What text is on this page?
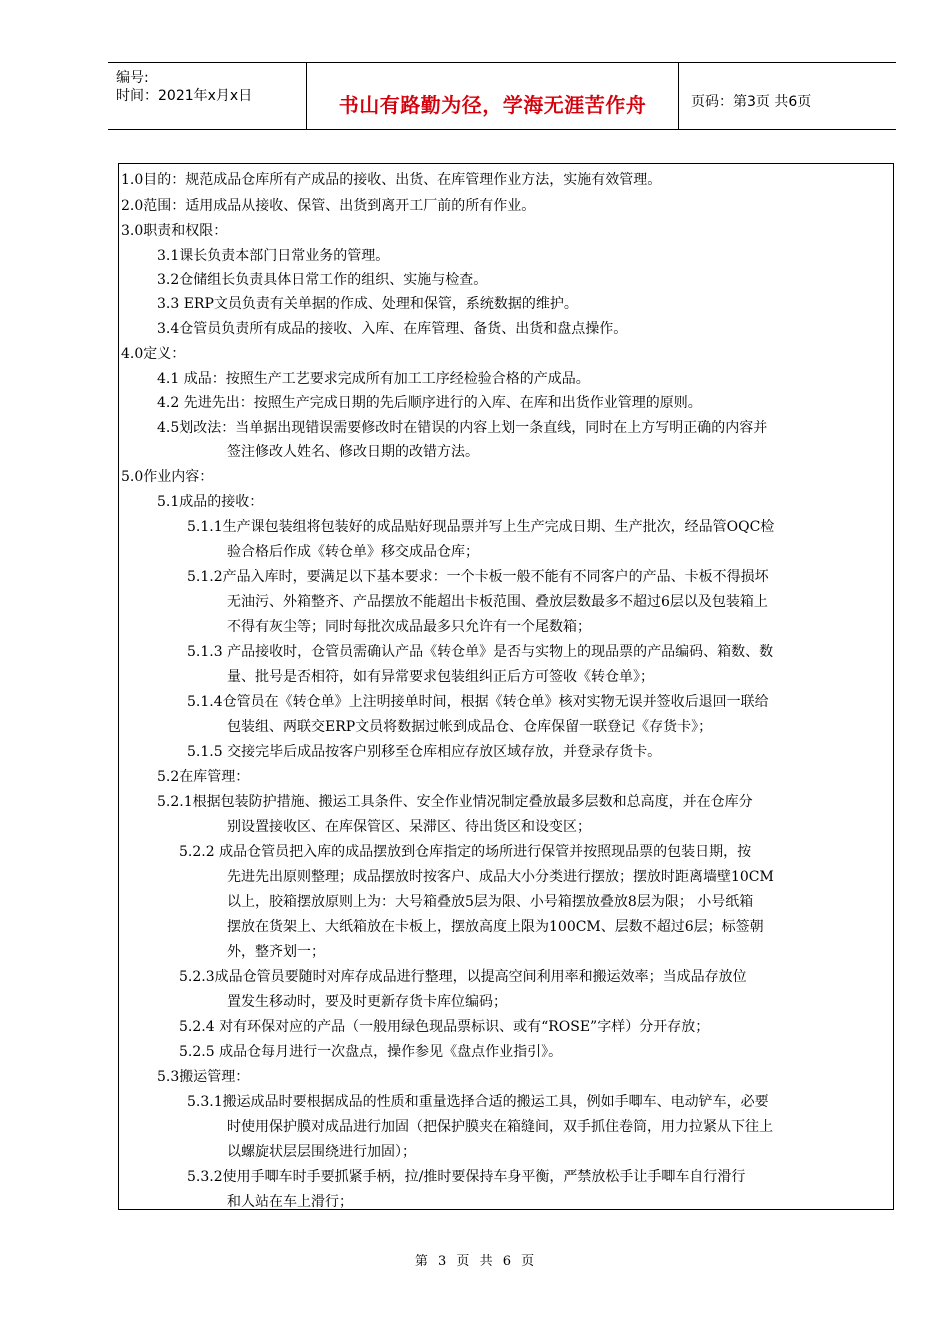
编号:
时间：2021年x月x日	书山有路勤为径，学海无涯苦作舟	页码：第3页 共6页
1.0目的：规范成品仓库所有产成品的接收、出货、在库管理作业方法，实施有效管理。
2.0范围：适用成品从接收、保管、出货到离开工厂前的所有作业。
3.0职责和权限：
3.1课长负责本部门日常业务的管理。
3.2仓储组长负责具体日常工作的组织、实施与检查。
3.3 ERP文员负责有关单据的作成、处理和保管，系统数据的维护。
3.4仓管员负责所有成品的接收、入库、在库管理、备货、出货和盘点操作。
4.0定义：
4.1 成品：按照生产工艺要求完成所有加工工序经检验合格的产成品。
4.2 先进先出：按照生产完成日期的先后顺序进行的入库、在库和出货作业管理的原则。
4.5划改法：当单据出现错误需要修改时在错误的内容上划一条直线，同时在上方写明正确的内容并
签注修改人姓名、修改日期的改错方法。
5.0作业内容：
5.1成品的接收：
5.1.1生产课包装组将包装好的成品贴好现品票并写上生产完成日期、生产批次，经品管OQC检
验合格后作成《转仓单》移交成品仓库；
5.1.2产品入库时，要满足以下基本要求：一个卡板一般不能有不同客户的产品、卡板不得损坏
无油污、外箱整齐、产品摆放不能超出卡板范围、叠放层数最多不超过6层以及包装箱上
不得有灰尘等；同时每批次成品最多只允许有一个尾数箱；
5.1.3 产品接收时，仓管员需确认产品《转仓单》是否与实物上的现品票的产品编码、箱数、数
量、批号是否相符，如有异常要求包装组纠正后方可签收《转仓单》；
5.1.4仓管员在《转仓单》上注明接单时间，根据《转仓单》核对实物无误并签收后退回一联给
包装组、两联交ERP文员将数据过帐到成品仓、仓库保留一联登记《存货卡》；
5.1.5 交接完毕后成品按客户别移至仓库相应存放区域存放，并登录存货卡。
5.2在库管理：
5.2.1根据包装防护措施、搬运工具条件、安全作业情况制定叠放最多层数和总高度，并在仓库分
别设置接收区、在库保管区、呆滞区、待出货区和设变区；
5.2.2 成品仓管员把入库的成品摆放到仓库指定的场所进行保管并按照现品票的包装日期，按
先进先出原则整理；成品摆放时按客户、成品大小分类进行摆放；摆放时距离墙壁10CM
以上，胶箱摆放原则上为：大号箱叠放5层为限、小号箱摆放叠放8层为限； 小号纸箱
摆放在货架上、大纸箱放在卡板上，摆放高度上限为100CM、层数不超过6层；标签朝
外，整齐划一；
5.2.3成品仓管员要随时对库存成品进行整理，以提高空间利用率和搬运效率；当成品存放位
置发生移动时，要及时更新存货卡库位编码；
5.2.4 对有环保对应的产品（一般用绿色现品票标识、或有“ROSE”字样）分开存放；
5.2.5 成品仓每月进行一次盘点，操作参见《盘点作业指引》。
5.3搬运管理：
5.3.1搬运成品时要根据成品的性质和重量选择合适的搬运工具，例如手唧车、电动铲车，必要
时使用保护膜对成品进行加固（把保护膜夹在箱缝间，双手抓住卷筒，用力拉紧从下往上
以螺旋状层层围绕进行加固）；
5.3.2使用手唧车时手要抓紧手柄，拉/推时要保持车身平衡，严禁放松手让手唧车自行滑行
和人站在车上滑行；
第 3 页 共 6 页
